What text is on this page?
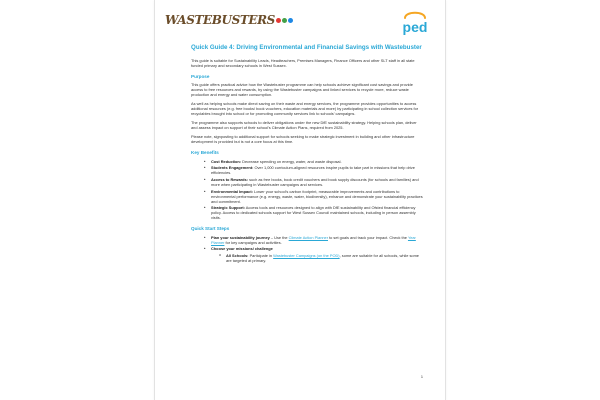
WASTEBUSTERS	ped
Quick Guide 4: Driving Environmental and Financial Savings with Wastebuster

This guide is suitable for Sustainability Leads, Headteachers, Premises Managers, Finance Officers and other SLT staff in all state funded primary and secondary schools in West Sussex.

Purpose

This guide offers practical advice how the Wastebuster programme can help schools achieve significant cost savings and provide access to free resources and rewards, by using the Wastebuster campaigns and linked services to recycle more, reduce waste production and energy and water consumption.

As well as helping schools make direct saving on their waste and energy services, the programme provides opportunities to access additional resources (e.g. free books/ book vouchers, education materials and more) by participating in school collection services for recyclables brought into school or for promoting community services link to schools' campaigns.

The programme also supports schools to deliver obligations under the new DfE sustainability strategy. Helping schools plan, deliver and assess impact on support of their school's Climate Action Plans, required from 2025.

Please note, signposting to additional support for schools seeking to make strategic investment in building and other infrastructure development is provided but is not a core focus at this time.

Key Benefits
• Cost Reduction: Decrease spending on energy, water, and waste disposal.
• Students Engagement: Over 1,000 curriculum-aligned resources inspire pupils to take part in missions that help drive efficiencies.
• Access to Rewards: such as free books, book credit vouchers and book supply discounts (for schools and families) and more when participating in Wastebuster campaigns and services.
• Environmental Impact: Lower your school's carbon footprint, measurable improvements and contributions to environmental performance (e.g. energy, waste, water, biodiversity), enhance and demonstrate your sustainability practices and commitment.
• Strategic Support: Access tools and resources designed to align with DfE sustainability and Ofsted financial efficiency policy. Access to dedicated schools support for West Sussex Council maintained schools, including in person assembly visits.
Quick Start Steps
• Plan your sustainability journey – Use the Climate Action Planner to set goals and track your impact. Check the Year Planner for key campaigns and activities.
• Choose your missions/ challenge
o All Schools: Participate in Wastebuster Campaigns (on the POD), some are suitable for all schools, while some are targeted at primary.
1
